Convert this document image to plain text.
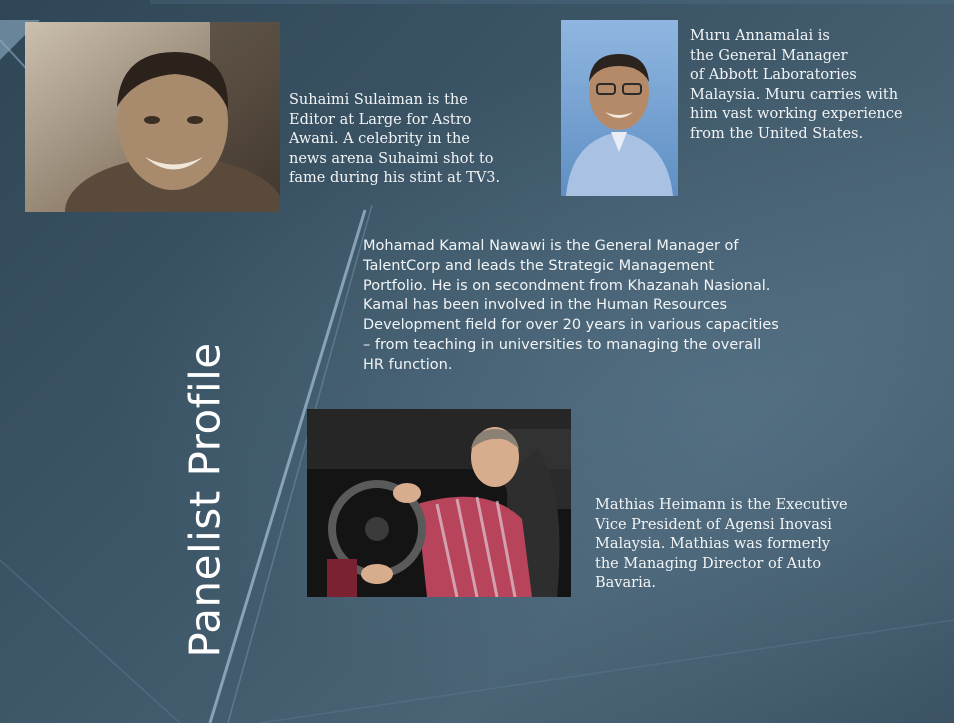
Suhaimi Sulaiman is the
Editor at Large for Astro
Awani. A celebrity in the
news arena Suhaimi shot to
fame during his stint at TV3.

Muru Annamalai is
the General Manager
of Abbott Laboratories
Malaysia. Muru carries with
him vast working experience
from the United States.

Mohamad Kamal Nawawi is the General Manager of
TalentCorp and leads the Strategic Management
Portfolio. He is on secondment from Khazanah Nasional.
Kamal has been involved in the Human Resources
Development field for over 20 years in various capacities
– from teaching in universities to managing the overall
HR function.

Mathias Heimann is the Executive
Vice President of Agensi Inovasi
Malaysia. Mathias was formerly
the Managing Director of Auto
Bavaria.

Panelist Profile
